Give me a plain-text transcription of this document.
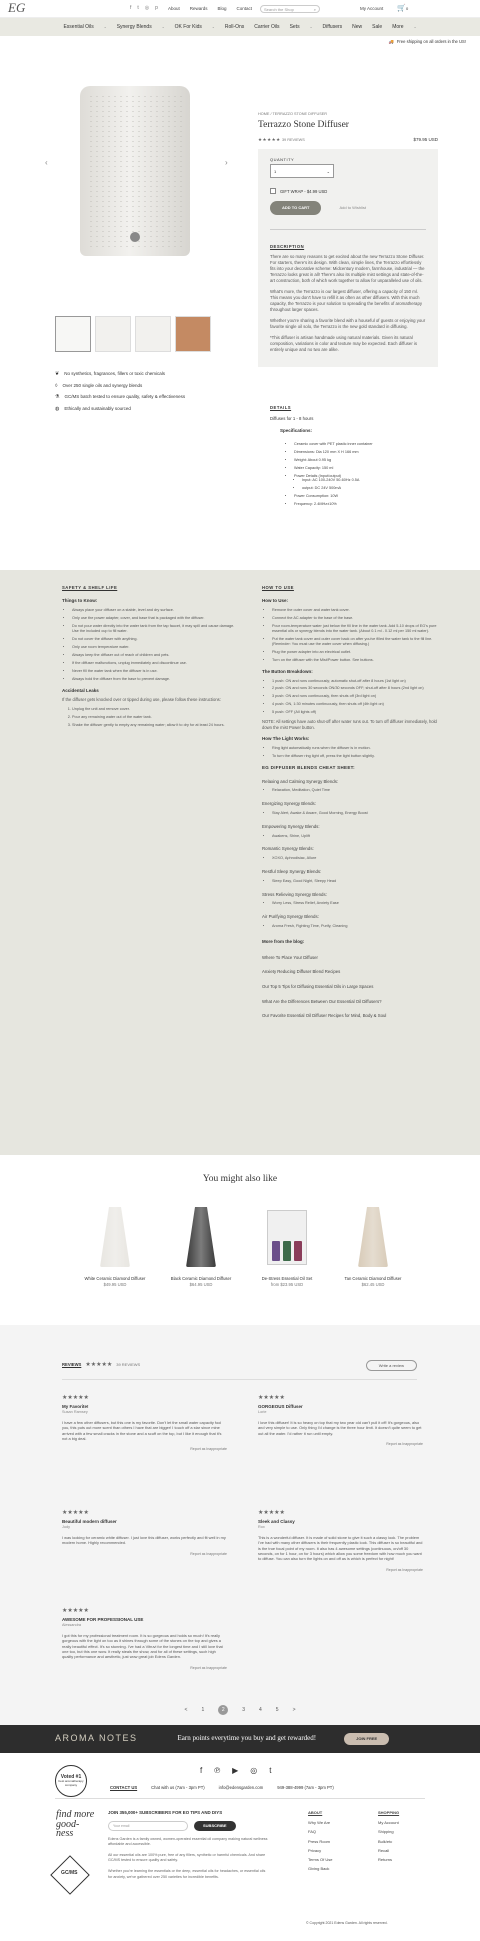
EG	f t ◎ p About Rewards Blog Contact	Search the Shop	⌕	My Account 🛒0
Essential Oils	⌄ Synergy Blends	⌄ OK For Kids	⌄ Roll-Ons Carrier Oils Sets	⌄ Diffusers New Sale More	⌄
🚚 Free shipping on all orders in the US!
‹	›
❦ No synthetics, fragrances, fillers or toxic chemicals
◊ Over 250 single oils and synergy blends
⚗ GC/MS batch tested to ensure quality, safety & effectiveness
◍ Ethically and sustainably sourced
HOME / TERRAZZO STONE DIFFUSER
Terrazzo Stone Diffuser
★★★★★ 39 REVIEWS	$79.95 USD
QUANTITY
1	⌄
GIFT WRAP - $4.99 USD
ADD TO CART	Add to Wishlist
DESCRIPTION

There are so many reasons to get excited about the new Terrazzo Stone Diffuser. For starters, there's its design. With clean, simple lines, the Terrazzo effortlessly fits into your decorative scheme: Midcentury modern, farmhouse, industrial — the Terrazzo looks great in all! There's also its multiple mist settings and state-of-the-art construction, both of which work together to allow for unparalleled use of oils.

What's more, the Terrazzo is our largest diffuser, offering a capacity of 150 ml. This means you don't have to refill it as often as other diffusers. With this much capacity, the Terrazzo is your solution to spreading the benefits of aromatherapy throughout larger spaces.

Whether you're sharing a favorite blend with a houseful of guests or enjoying your favorite single oil solo, the Terrazzo is the new gold standard in diffusing.

*This diffuser is artisan handmade using natural materials. Given its natural composition, variations in color and texture may be expected. Each diffuser is entirely unique and no two are alike.

DETAILS
Diffuses for 1 - 8 hours
Specifications:
• Ceramic cover with PET plastic inner container
• Dimensions: Dia 120 mm X H 166 mm
• Weight: About 0.95 kg
• Water Capacity: 150 ml
• Power Details (Input/output)
• Input: AC 100-240V 50-60Hz 0.5A
• output: DC 24V 500mA
• Power Consumption: 10W
• Frequency: 2.4MHz±10%
SAFETY & SHELF LIFE
Things to Know:
• Always place your diffuser on a stable, level and dry surface.
• Only use the power adapter, cover, and base that is packaged with the diffuser.
• Do not pour water directly into the water tank from the tap faucet, it may spill and cause damage. Use the included cup to fill water.
• Do not cover the diffuser with anything.
• Only use room temperature water.
• Always keep the diffuser out of reach of children and pets.
• If the diffuser malfunctions, unplug immediately and discontinue use.
• Never fill the water tank when the diffuser is in use.
• Always hold the diffuser from the base to prevent damage.
Accidental Leaks

If the diffuser gets knocked over or tipped during use, please follow these instructions:

1. Unplug the unit and remove cover.
2. Pour any remaining water out of the water tank.
3. Shake the diffuser gently to empty any remaining water; allow it to dry for at least 24 hours.
HOW TO USE
How to Use:
• Remove the outer cover and water tank cover.
• Connect the AC adapter to the base of the base.
• Pour room-temperature water just below the fill line in the water tank. Add 5-10 drops of EG's pure essential oils or synergy blends into the water tank. (About 0.1 ml - 0.12 ml per 150 ml water).
• Put the water tank cover and outer cover back on after you've filled the water tank to the fill line. (Reminder: You must use the water cover when diffusing.)
• Plug the power adapter into an electrical outlet.
• Turn on the diffuser with the Mist/Power button. See buttons.
The Button Breakdown:
• 1 push: ON and runs continuously; automatic shut-off after 8 hours (1st light on)
• 2 push: ON and runs 30 seconds ON/30 seconds OFF; shut-off after 8 hours (2nd light on)
• 3 push: ON and runs continuously, then shuts off (3rd light on)
• 4 push: ON, 1:30 minutes continuously, then shuts off (4th light on)
• 5 push: OFF (All lights off)

NOTE: All settings have auto shut-off after water runs out. To turn off diffuser immediately, hold down the mist Power button.

How The Light Works:
• Ring light automatically runs when the diffuser is in motion.
• To turn the diffuser ring light off, press the light button slightly.
EG DIFFUSER BLENDS CHEAT SHEET:
Relaxing and Calming Synergy Blends:
• Relaxation, Meditation, Quiet Time
Energizing Synergy Blends:
• Stay Alert, Awake & Aware, Good Morning, Energy Boost
Empowering Synergy Blends:
• Awakens, Shine, Uplift
Romantic Synergy Blends:
• XOXO, Aphrodisiac, Allure
Restful Sleep Synergy Blends:
• Sleep Easy, Good Night, Sleepy Head
Stress Relieving Synergy Blends:
• Worry Less, Stress Relief, Anxiety Ease
Air Purifying Synergy Blends:
• Aroma Fresh, Fighting Time, Purify, Cleaning
More from the blog:
Where To Place Your Diffuser
Anxiety Reducing Diffuser Blend Recipes
Our Top 5 Tips for Diffusing Essential Oils in Large Spaces
What Are the Differences Between Our Essential Oil Diffusers?
Our Favorite Essential Oil Diffuser Recipes for Mind, Body & Soul
You might also like
White Ceramic Diamond Diffuser
$49.95 USD
Black Ceramic Diamond Diffuser
$64.95 USD
De-Stress Essential Oil Set
from $23.95 USD
Tan Ceramic Diamond Diffuser
$62.45 USD
REVIEWS ★★★★★ 39 REVIEWS	Write a review
★★★★★
My Favorite!
Susan Ramsey
I have a few other diffusers, but this one is my favorite. Don't let the small water capacity fool you, this puts out more scent than others I have that are bigger! I touch off a star since mine arrived with a few small cracks in the stone and a scuff on the top, but I like it enough that it's not a big deal.
Report as Inappropriate
★★★★★
GORGEOUS Diffuser
Lorie
I love this diffuser! It is so heavy on top that my two year old can't pull it off! It's gorgeous, also and very simple to use. Only thing I'd change is the three hour limit. It doesn't quite seem to get out all the water. I'd rather it run until empty.
Report as Inappropriate
★★★★★
Beautiful modern diffuser
Judy
I was looking for ceramic white diffuser. I just love this diffuser, works perfectly and fit well in my modern home. Highly recommended.
Report as Inappropriate
★★★★★
Sleek and Classy
Rox
This is a wonderful diffuser. It is made of solid stone to give it such a classy look. The problem I've had with many other diffusers is their frequently plastic look. This diffuser is so beautiful and is the true focal point of my room. It also has 4 awesome settings (continuous, on/off 30 seconds, on for 1 hour, on for 3 hours) which allow you some freedom with how much you want to diffuse. You can also turn the lights on and off as is which is perfect for night!
Report as Inappropriate
★★★★★
AWESOME FOR PROFESSIONAL USE
Alessandra
I got this for my professional treatment room. It is so gorgeous and holds so much! It's really gorgeous with the light on too as it shines through some of the stones on the top and gives a really beautiful effect. It's so stunning. I've had a Vitruvi for the longest time and I still love that one too, but this one wow. It really steals the show, and for all of these settings, such high quality performance and aesthetic, just wow great job Edens Garden.
Report as Inappropriate
<	1	2	3	4	5	>
AROMA NOTES	Earn points everytime you buy and get rewarded!	JOIN FREE
Voted #1
best aromatherapy company
f ℗ ▶ ◎ t
CONTACT US	Chat with us (7am - 3pm PT)	info@edensgarden.com	949-388-4999 (7am - 3pm PT)
find more good-ness
GC/MS
JOIN 355,000+ SUBSCRIBERS FOR EO TIPS AND DIYS
Your email	SUBSCRIBE

Edens Garden is a family owned, women-operated essential oil company making natural wellness affordable and accessible.

All our essential oils are 100% pure, free of any fillers, synthetic or harmful chemicals. And share GC/MS tested to ensure quality and safety.

Whether you're learning the essentials or the deep, essential oils for headaches, or essential oils for anxiety, we've gathered over 250 varieties for incredible benefits.

ABOUT
Why We Are
FAQ
Press Room
Privacy
Terms Of Use
Giving Back
SHOPPING
My Account
Shipping
Bulk/etc
Recall
Returns
© Copyright 2021 Edens Garden. All rights reserved.
